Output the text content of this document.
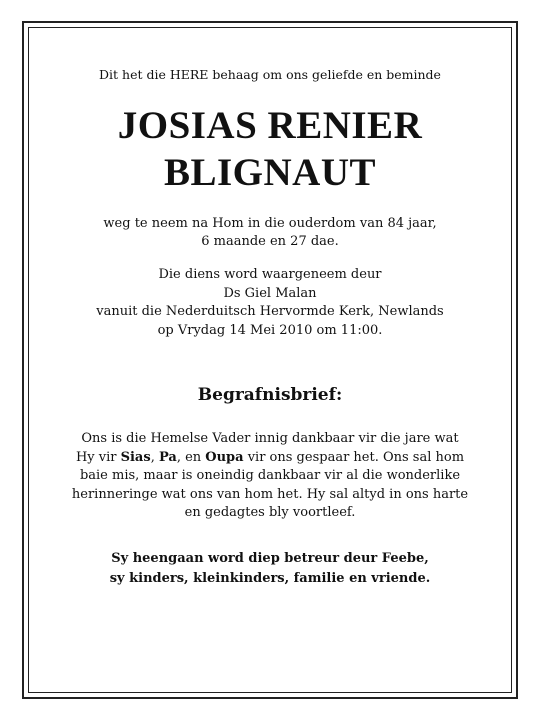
Dit het die HERE behaag om ons geliefde en beminde
JOSIAS RENIER
BLIGNAUT
weg te neem na Hom in die ouderdom van 84 jaar,
6 maande en 27 dae.
Die diens word waargeneem deur
Ds Giel Malan
vanuit die Nederduitsch Hervormde Kerk, Newlands
op Vrydag 14 Mei 2010 om 11:00.
Begrafnisbrief:
Ons is die Hemelse Vader innig dankbaar vir die jare wat
Hy vir Sias, Pa, en Oupa vir ons gespaar het. Ons sal hom
baie mis, maar is oneindig dankbaar vir al die wonderlike
herinneringe wat ons van hom het. Hy sal altyd in ons harte
en gedagtes bly voortleef.
Sy heengaan word diep betreur deur Feebe,
sy kinders, kleinkinders, familie en vriende.
